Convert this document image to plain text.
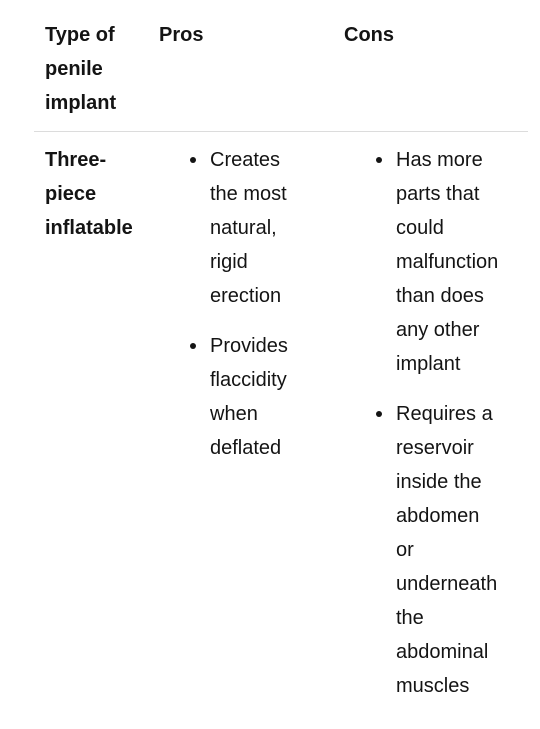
Type of penile implant
Pros	Cons
Three-piece inflatable
Creates the most natural, rigid erection
Provides flaccidity when deflated
Has more parts that could malfunction than does any other implant
Requires a reservoir inside the abdomen or underneath the abdominal muscles
